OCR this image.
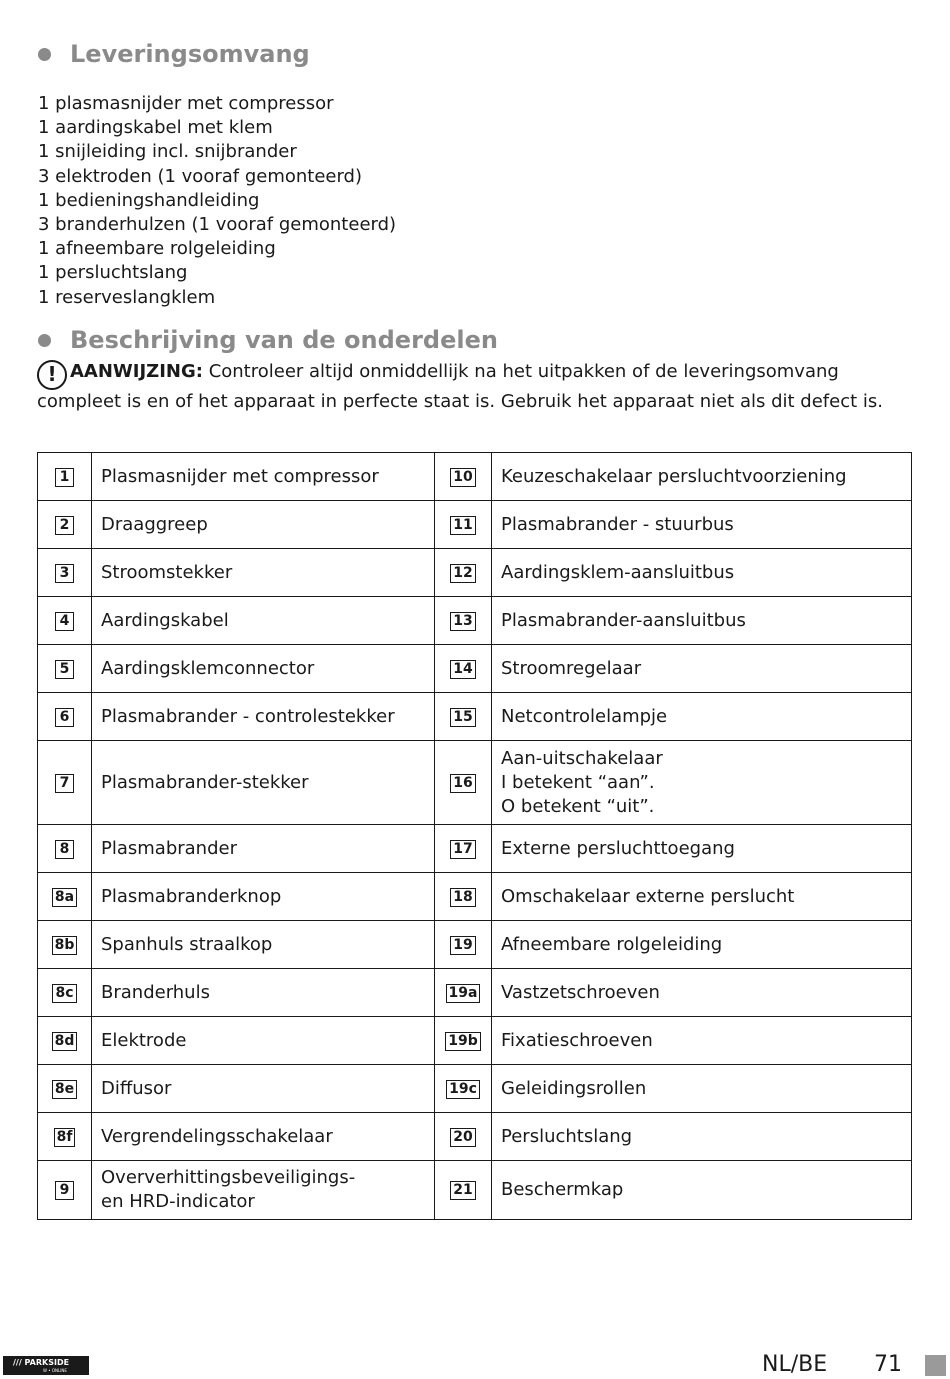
Leveringsomvang
1 plasmasnijder met compressor
1 aardingskabel met klem
1 snijleiding incl. snijbrander
3 elektroden (1 vooraf gemonteerd)
1 bedieningshandleiding
3 branderhulzen (1 vooraf gemonteerd)
1 afneembare rolgeleiding
1 persluchtslang
1 reserveslangklem
Beschrijving van de onderdelen
! AANWIJZING: Controleer altijd onmiddellijk na het uitpakken of de leveringsomvang compleet is en of het apparaat in perfecte staat is. Gebruik het apparaat niet als dit defect is.
1	Plasmasnijder met compressor	10	Keuzeschakelaar persluchtvoorziening
2	Draaggreep	11	Plasmabrander - stuurbus
3	Stroomstekker	12	Aardingsklem-aansluitbus
4	Aardingskabel	13	Plasmabrander-aansluitbus
5	Aardingsklemconnector	14	Stroomregelaar
6	Plasmabrander - controlestekker	15	Netcontrolelampje
7	Plasmabrander-stekker	16	Aan-uitschakelaar
I betekent “aan”.
O betekent “uit”.

8	Plasmabrander	17	Externe persluchttoegang
8a	Plasmabranderknop	18	Omschakelaar externe perslucht
8b	Spanhuls straalkop	19	Afneembare rolgeleiding
8c	Branderhuls	19a	Vastzetschroeven
8d	Elektrode	19b	Fixatieschroeven
8e	Diffusor	19c	Geleidingsrollen
8f	Vergrendelingsschakelaar	20	Persluchtslang
9	Oververhittingsbeveiligings-
en HRD-indicator	21	Beschermkap
/// PARKSIDE
W • ONLINE	NL/BE 71
